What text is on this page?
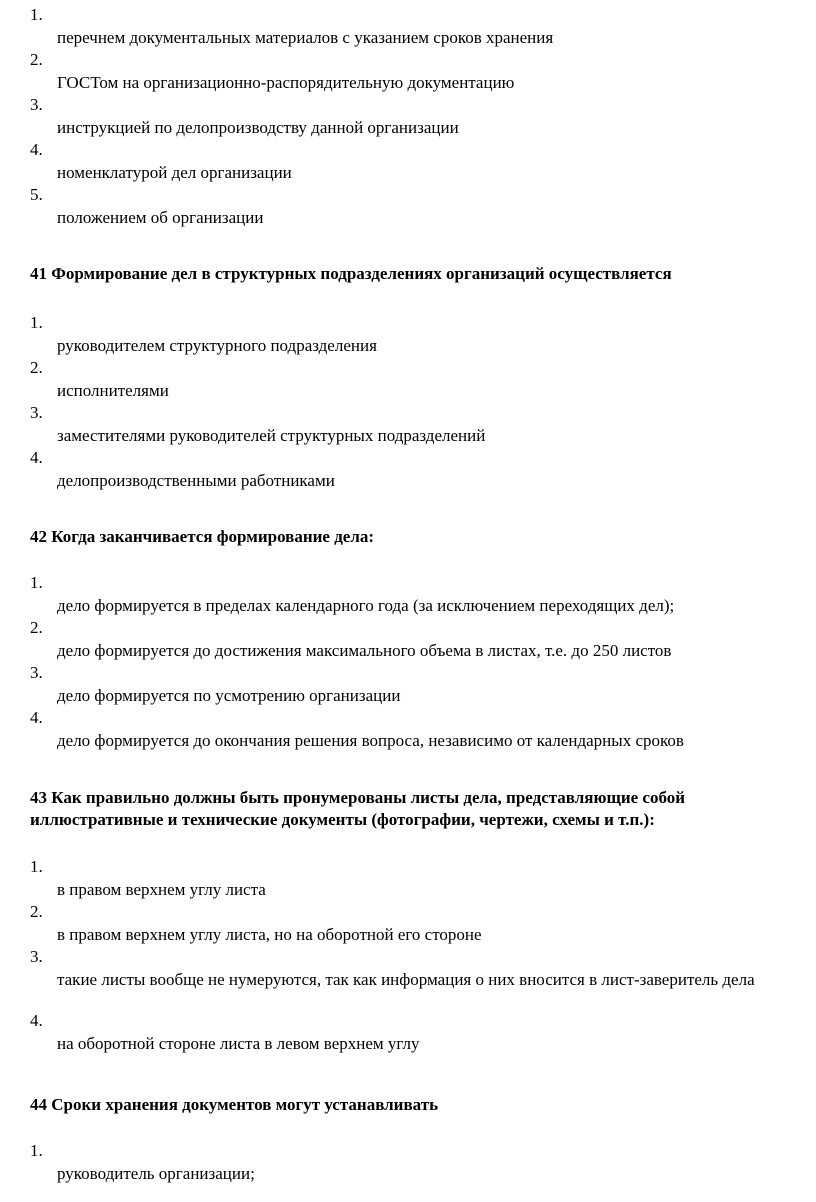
1.
перечнем документальных материалов с указанием сроков хранения
2.
ГОСТом на организационно-распорядительную документацию
3.
инструкцией по делопроизводству данной организации
4.
номенклатурой дел организации
5.
положением об организации
41 Формирование дел в структурных подразделениях организаций осуществляется
1.
руководителем структурного подразделения
2.
исполнителями
3.
заместителями руководителей структурных подразделений
4.
делопроизводственными работниками
42 Когда заканчивается формирование дела:
1.
дело формируется в пределах календарного года (за исключением переходящих дел);
2.
дело формируется до достижения максимального объема в листах, т.е. до 250 листов
3.
дело формируется по усмотрению организации
4.
дело формируется до окончания решения вопроса, независимо от календарных сроков
43 Как правильно должны быть пронумерованы листы дела, представляющие собой иллюстративные и технические документы (фотографии, чертежи, схемы и т.п.):
1.
в правом верхнем углу листа
2.
в правом верхнем углу листа, но на оборотной его стороне
3.
такие листы вообще не нумеруются, так как информация о них вносится в лист-заверитель дела
4.
на оборотной стороне листа в левом верхнем углу
44 Сроки хранения документов могут устанавливать
1.
руководитель организации;
